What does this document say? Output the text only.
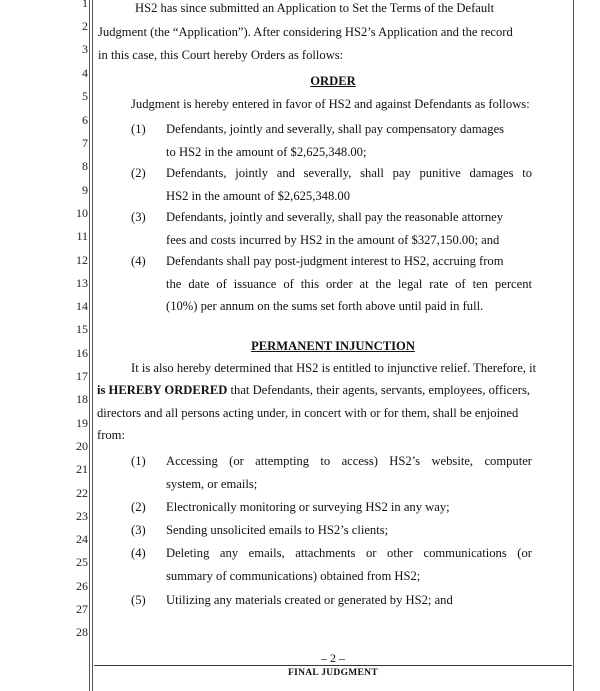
1
2
3
4
5
6
7
8
9
10
11
12
13
14
15
16
17
18
19
20
21
22
23
24
25
26
27
28
HS2 has since submitted an Application to Set the Terms of the Default
Judgment (the “Application”). After considering HS2’s Application and the record
in this case, this Court hereby Orders as follows:
ORDER
Judgment is hereby entered in favor of HS2 and against Defendants as follows:
(1) Defendants, jointly and severally, shall pay compensatory damages
to HS2 in the amount of $2,625,348.00;
(2) Defendants, jointly and severally, shall pay punitive damages to
HS2 in the amount of $2,625,348.00
(3) Defendants, jointly and severally, shall pay the reasonable attorney
fees and costs incurred by HS2 in the amount of $327,150.00; and
(4) Defendants shall pay post-judgment interest to HS2, accruing from
the date of issuance of this order at the legal rate of ten percent
(10%) per annum on the sums set forth above until paid in full.
PERMANENT INJUNCTION
It is also hereby determined that HS2 is entitled to injunctive relief. Therefore, it
is HEREBY ORDERED that Defendants, their agents, servants, employees, officers,
directors and all persons acting under, in concert with or for them, shall be enjoined
from:
(1) Accessing (or attempting to access) HS2’s website, computer
system, or emails;
(2) Electronically monitoring or surveying HS2 in any way;
(3) Sending unsolicited emails to HS2’s clients;
(4) Deleting any emails, attachments or other communications (or
summary of communications) obtained from HS2;
(5) Utilizing any materials created or generated by HS2; and
– 2 –
FINAL JUDGMENT
